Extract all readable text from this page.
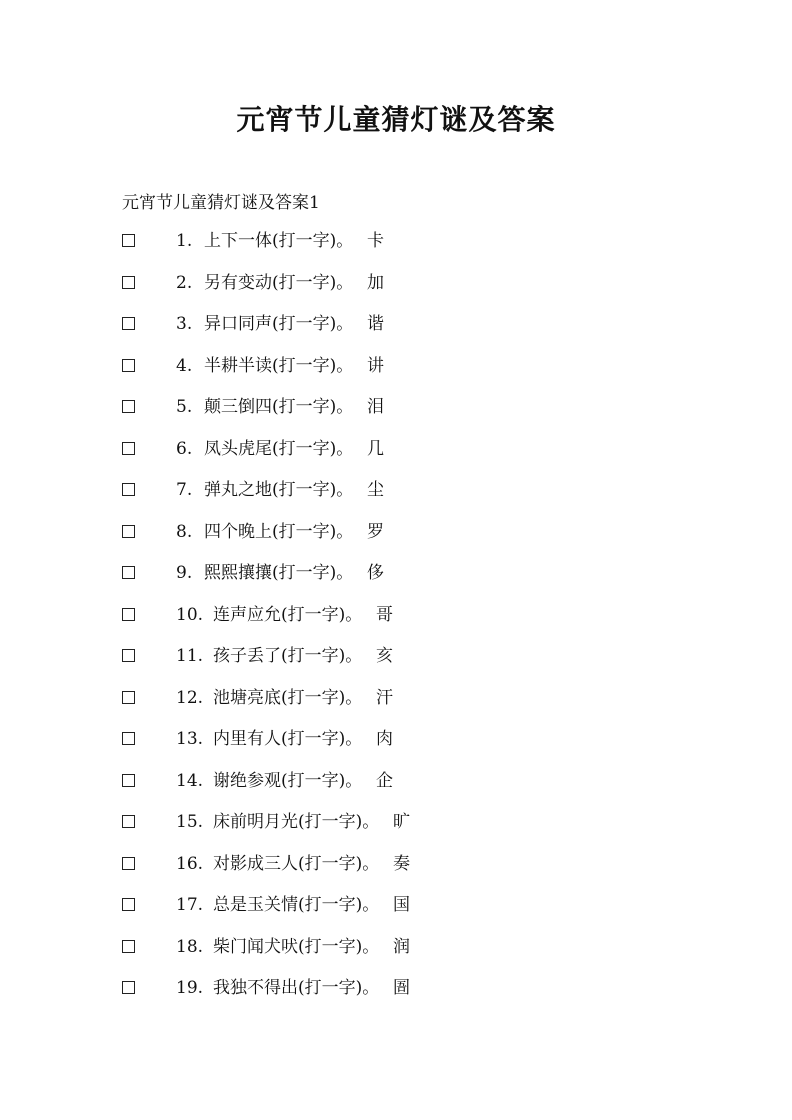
元宵节儿童猜灯谜及答案
元宵节儿童猜灯谜及答案1
1. 上下一体(打一字)。 卡
2. 另有变动(打一字)。 加
3. 异口同声(打一字)。 谐
4. 半耕半读(打一字)。 讲
5. 颠三倒四(打一字)。 泪
6. 凤头虎尾(打一字)。 几
7. 弹丸之地(打一字)。 尘
8. 四个晚上(打一字)。 罗
9. 熙熙攘攘(打一字)。 侈
10. 连声应允(打一字)。 哥
11. 孩子丢了(打一字)。 亥
12. 池塘亮底(打一字)。 汗
13. 内里有人(打一字)。 肉
14. 谢绝参观(打一字)。 企
15. 床前明月光(打一字)。 旷
16. 对影成三人(打一字)。 奏
17. 总是玉关情(打一字)。 国
18. 柴门闻犬吠(打一字)。 润
19. 我独不得出(打一字)。 圄
